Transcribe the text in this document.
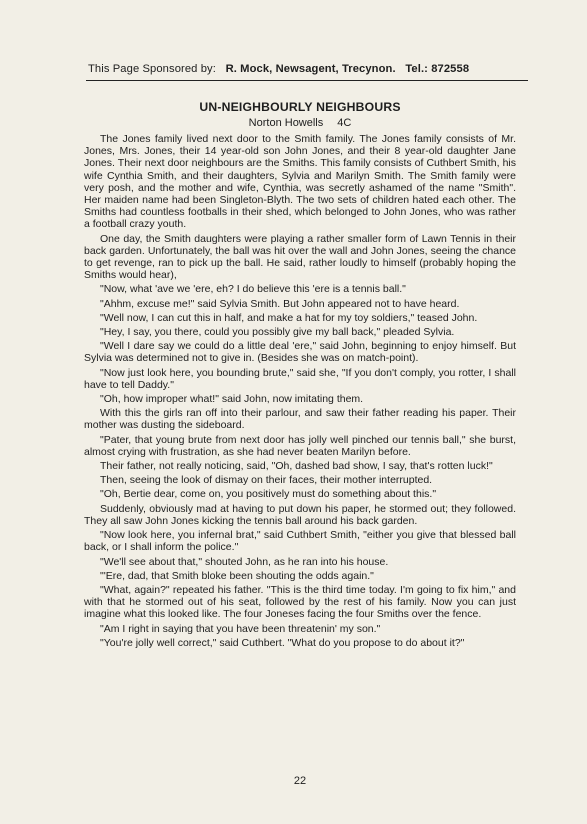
This Page Sponsored by: R. Mock, Newsagent, Trecynon. Tel.: 872558
UN-NEIGHBOURLY NEIGHBOURS
Norton Howells 4C

The Jones family lived next door to the Smith family. The Jones family consists of Mr. Jones, Mrs. Jones, their 14 year-old son John Jones, and their 8 year-old daughter Jane Jones. Their next door neighbours are the Smiths. This family consists of Cuthbert Smith, his wife Cynthia Smith, and their daughters, Sylvia and Marilyn Smith. The Smith family were very posh, and the mother and wife, Cynthia, was secretly ashamed of the name "Smith". Her maiden name had been Singleton-Blyth. The two sets of children hated each other. The Smiths had countless footballs in their shed, which belonged to John Jones, who was rather a football crazy youth.

One day, the Smith daughters were playing a rather smaller form of Lawn Tennis in their back garden. Unfortunately, the ball was hit over the wall and John Jones, seeing the chance to get revenge, ran to pick up the ball. He said, rather loudly to himself (probably hoping the Smiths would hear),

"Now, what 'ave we 'ere, eh? I do believe this 'ere is a tennis ball."

"Ahhm, excuse me!" said Sylvia Smith. But John appeared not to have heard.

"Well now, I can cut this in half, and make a hat for my toy soldiers," teased John.

"Hey, I say, you there, could you possibly give my ball back," pleaded Sylvia.

"Well I dare say we could do a little deal 'ere," said John, beginning to enjoy himself. But Sylvia was determined not to give in. (Besides she was on match-point).

"Now just look here, you bounding brute," said she, "If you don't comply, you rotter, I shall have to tell Daddy."

"Oh, how improper what!" said John, now imitating them.

With this the girls ran off into their parlour, and saw their father reading his paper. Their mother was dusting the sideboard.

"Pater, that young brute from next door has jolly well pinched our tennis ball," she burst, almost crying with frustration, as she had never beaten Marilyn before.

Their father, not really noticing, said, "Oh, dashed bad show, I say, that's rotten luck!"

Then, seeing the look of dismay on their faces, their mother interrupted.

"Oh, Bertie dear, come on, you positively must do something about this."

Suddenly, obviously mad at having to put down his paper, he stormed out; they followed. They all saw John Jones kicking the tennis ball around his back garden.

"Now look here, you infernal brat," said Cuthbert Smith, "either you give that blessed ball back, or I shall inform the police."

"We'll see about that," shouted John, as he ran into his house.

"'Ere, dad, that Smith bloke been shouting the odds again."

"What, again?" repeated his father. "This is the third time today. I'm going to fix him," and with that he stormed out of his seat, followed by the rest of his family. Now you can just imagine what this looked like. The four Joneses facing the four Smiths over the fence.

"Am I right in saying that you have been threatenin' my son."

"You're jolly well correct," said Cuthbert. "What do you propose to do about it?"

22
